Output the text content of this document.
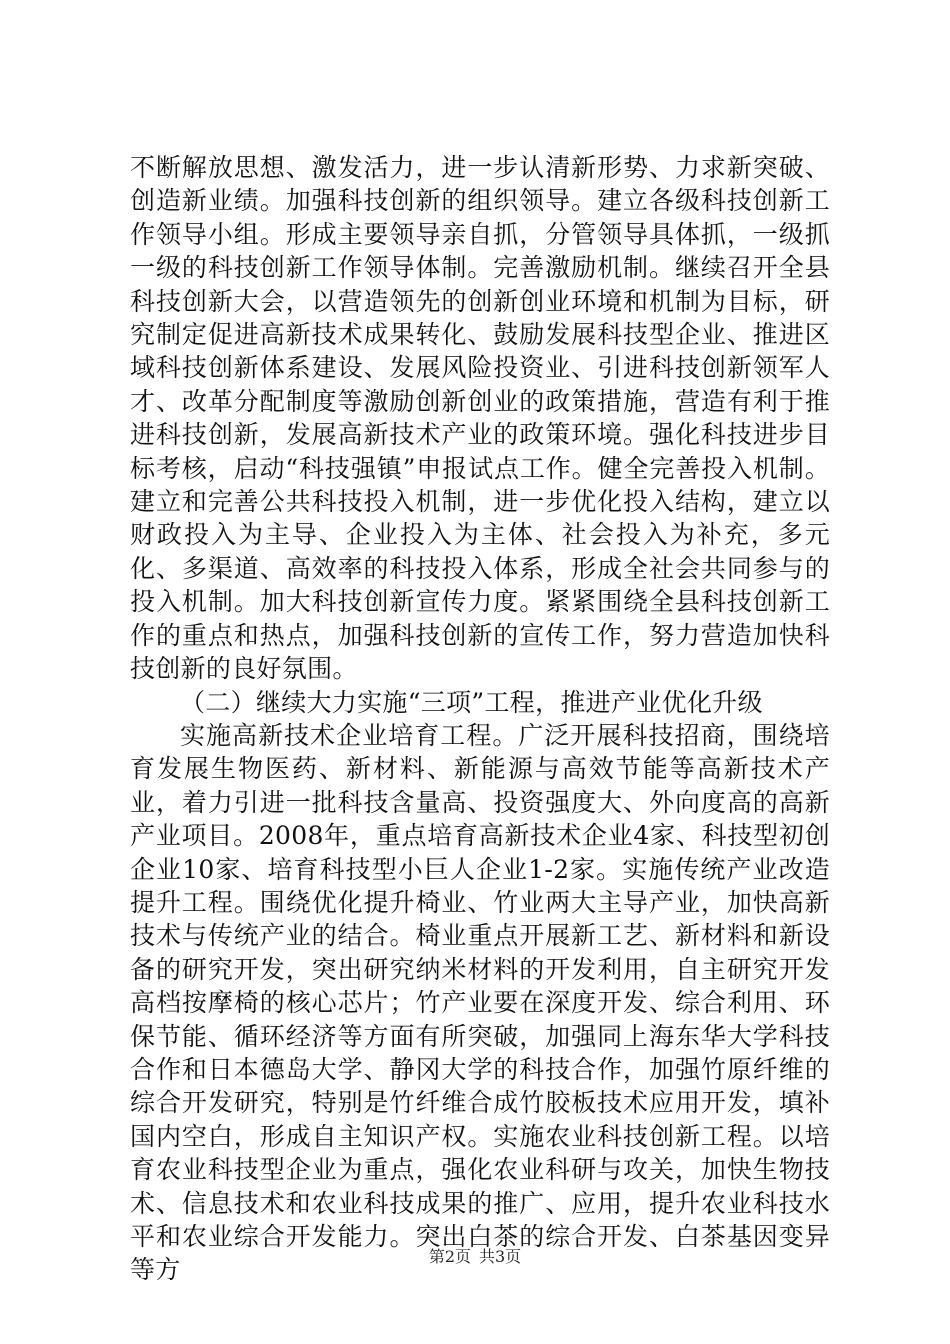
不断解放思想、激发活力，进一步认清新形势、力求新突破、创造新业绩。加强科技创新的组织领导。建立各级科技创新工作领导小组。形成主要领导亲自抓，分管领导具体抓，一级抓一级的科技创新工作领导体制。完善激励机制。继续召开全县科技创新大会，以营造领先的创新创业环境和机制为目标，研究制定促进高新技术成果转化、鼓励发展科技型企业、推进区域科技创新体系建设、发展风险投资业、引进科技创新领军人才、改革分配制度等激励创新创业的政策措施，营造有利于推进科技创新，发展高新技术产业的政策环境。强化科技进步目标考核，启动“科技强镇”申报试点工作。健全完善投入机制。建立和完善公共科技投入机制，进一步优化投入结构，建立以财政投入为主导、企业投入为主体、社会投入为补充，多元化、多渠道、高效率的科技投入体系，形成全社会共同参与的投入机制。加大科技创新宣传力度。紧紧围绕全县科技创新工作的重点和热点，加强科技创新的宣传工作，努力营造加快科技创新的良好氛围。

（二）继续大力实施“三项”工程，推进产业优化升级

实施高新技术企业培育工程。广泛开展科技招商，围绕培育发展生物医药、新材料、新能源与高效节能等高新技术产业，着力引进一批科技含量高、投资强度大、外向度高的高新产业项目。2008年，重点培育高新技术企业4家、科技型初创企业10家、培育科技型小巨人企业1-2家。实施传统产业改造提升工程。围绕优化提升椅业、竹业两大主导产业，加快高新技术与传统产业的结合。椅业重点开展新工艺、新材料和新设备的研究开发，突出研究纳米材料的开发利用，自主研究开发高档按摩椅的核心芯片；竹产业要在深度开发、综合利用、环保节能、循环经济等方面有所突破，加强同上海东华大学科技合作和日本德岛大学、静冈大学的科技合作，加强竹原纤维的综合开发研究，特别是竹纤维合成竹胶板技术应用开发，填补国内空白，形成自主知识产权。实施农业科技创新工程。以培育农业科技型企业为重点，强化农业科研与攻关，加快生物技术、信息技术和农业科技成果的推广、应用，提升农业科技水平和农业综合开发能力。突出白茶的综合开发、白茶基因变异等方	第2页 共3页
